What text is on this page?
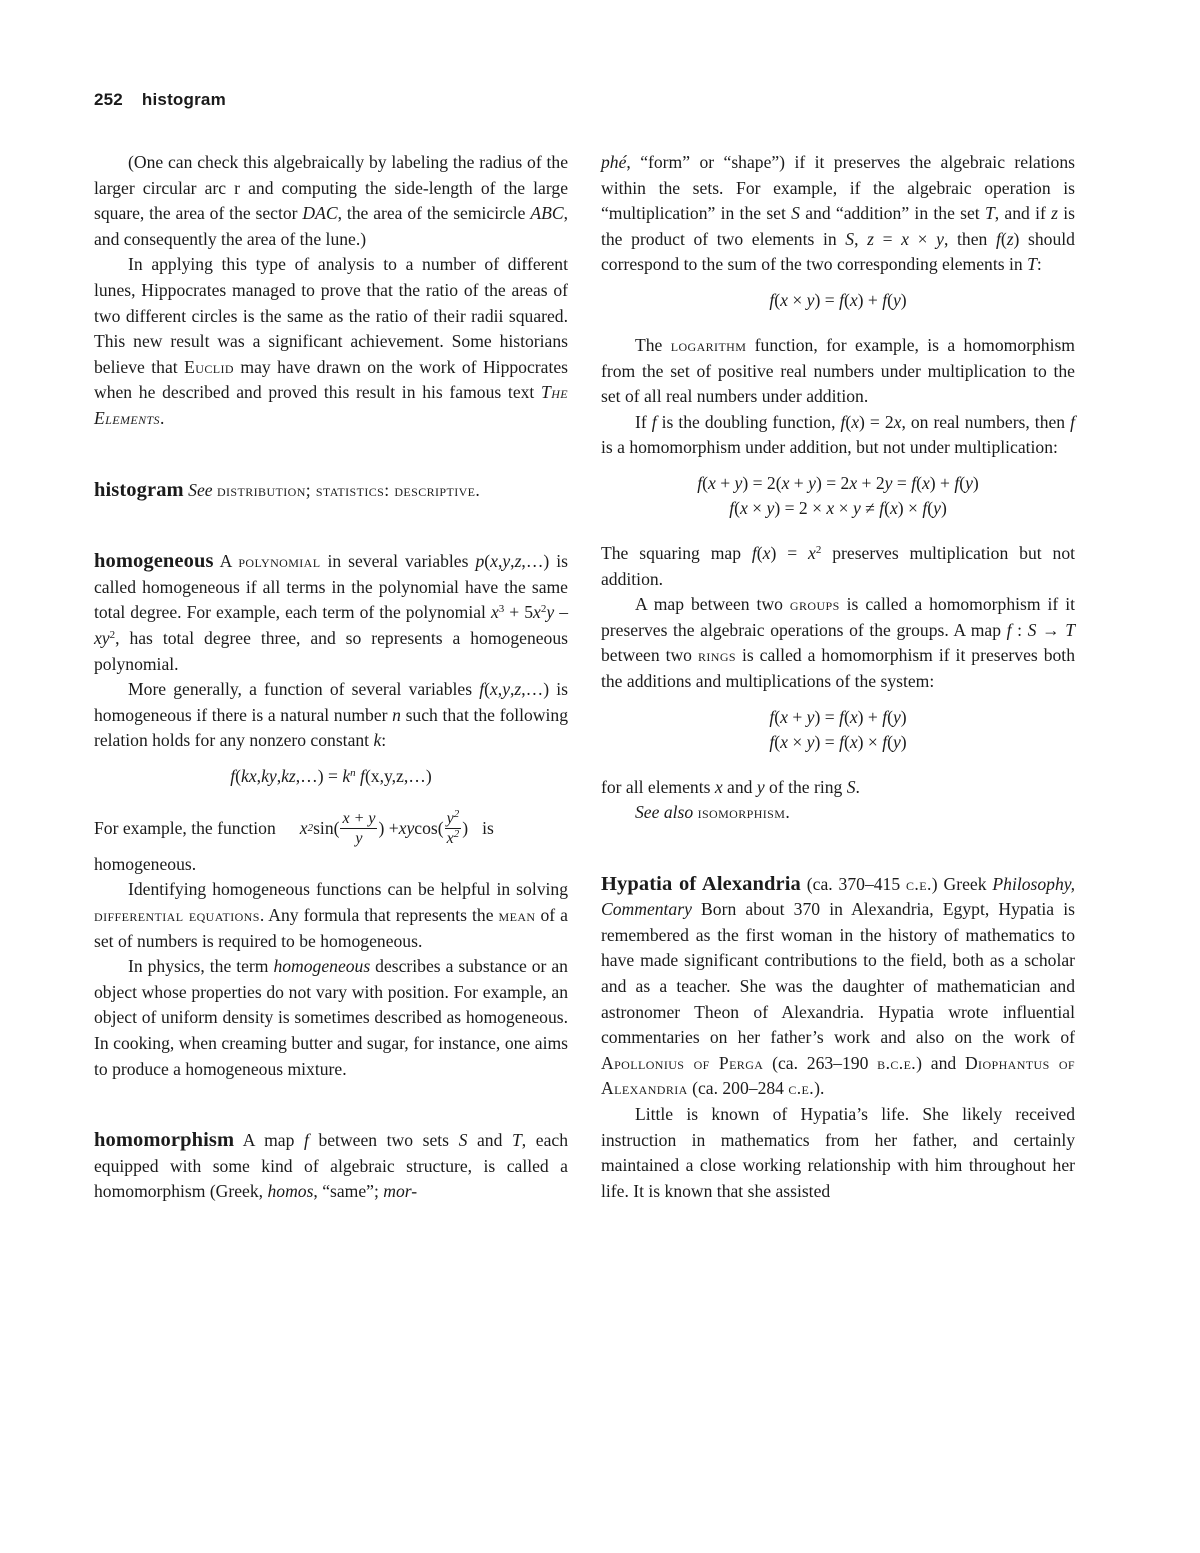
252 histogram

(One can check this algebraically by labeling the radius of the larger circular arc r and computing the side-length of the large square, the area of the sector DAC, the area of the semicircle ABC, and consequently the area of the lune.)

In applying this type of analysis to a number of different lunes, Hippocrates managed to prove that the ratio of the areas of two different circles is the same as the ratio of their radii squared. This new result was a significant achievement. Some historians believe that Euclid may have drawn on the work of Hippocrates when he described and proved this result in his famous text The Elements.

histogram See distribution; statistics: descriptive.

homogeneous A polynomial in several variables p(x,y,z,…) is called homogeneous if all terms in the polynomial have the same total degree. For example, each term of the polynomial $x^3 + 5x^2y - xy^2$, has total degree three, and so represents a homogeneous polynomial.

More generally, a function of several variables f(x,y,z,…) is homogeneous if there is a natural number n such that the following relation holds for any nonzero constant k:

f(kx,ky,kz,…) = $k^n$ f(x,y,z,…)
For example, the function x 2 $\sin( \frac{x + y}{y}$ ) + xy $\cos( \frac{y^2}{x^2}$ ) is

homogeneous.

Identifying homogeneous functions can be helpful in solving differential equations. Any formula that represents the mean of a set of numbers is required to be homogeneous.

In physics, the term homogeneous describes a substance or an object whose properties do not vary with position. For example, an object of uniform density is sometimes described as homogeneous. In cooking, when creaming butter and sugar, for instance, one aims to produce a homogeneous mixture.

homomorphism A map f between two sets S and T, each equipped with some kind of algebraic structure, is called a homomorphism (Greek, homos, “same”; mor-

phé, “form” or “shape”) if it preserves the algebraic relations within the sets. For example, if the algebraic operation is “multiplication” in the set S and “addition” in the set T, and if z is the product of two elements in S, z = x × y, then f(z) should correspond to the sum of the two corresponding elements in T:

f(x × y) = f(x) + f(y)

The logarithm function, for example, is a homomorphism from the set of positive real numbers under multiplication to the set of all real numbers under addition.

If f is the doubling function, f(x) = 2x, on real numbers, then f is a homomorphism under addition, but not under multiplication:

f(x + y) = 2(x + y) = 2x + 2y = f(x) + f(y)
f(x × y) = 2 × x × y ≠ f(x) × f(y)

The squaring map $f(x) = x^2$ preserves multiplication but not addition.

A map between two groups is called a homomorphism if it preserves the algebraic operations of the groups. A map f : S → T between two rings is called a homomorphism if it preserves both the additions and multiplications of the system:

f(x + y) = f(x) + f(y)
f(x × y) = f(x) × f(y)

for all elements x and y of the ring S.

See also isomorphism.

Hypatia of Alexandria (ca. 370–415 c.e.) Greek Philosophy, Commentary Born about 370 in Alexandria, Egypt, Hypatia is remembered as the first woman in the history of mathematics to have made significant contributions to the field, both as a scholar and as a teacher. She was the daughter of mathematician and astronomer Theon of Alexandria. Hypatia wrote influential commentaries on her father’s work and also on the work of Apollonius of Perga (ca. 263–190 b.c.e.) and Diophantus of Alexandria (ca. 200–284 c.e.).

Little is known of Hypatia’s life. She likely received instruction in mathematics from her father, and certainly maintained a close working relationship with him throughout her life. It is known that she assisted
